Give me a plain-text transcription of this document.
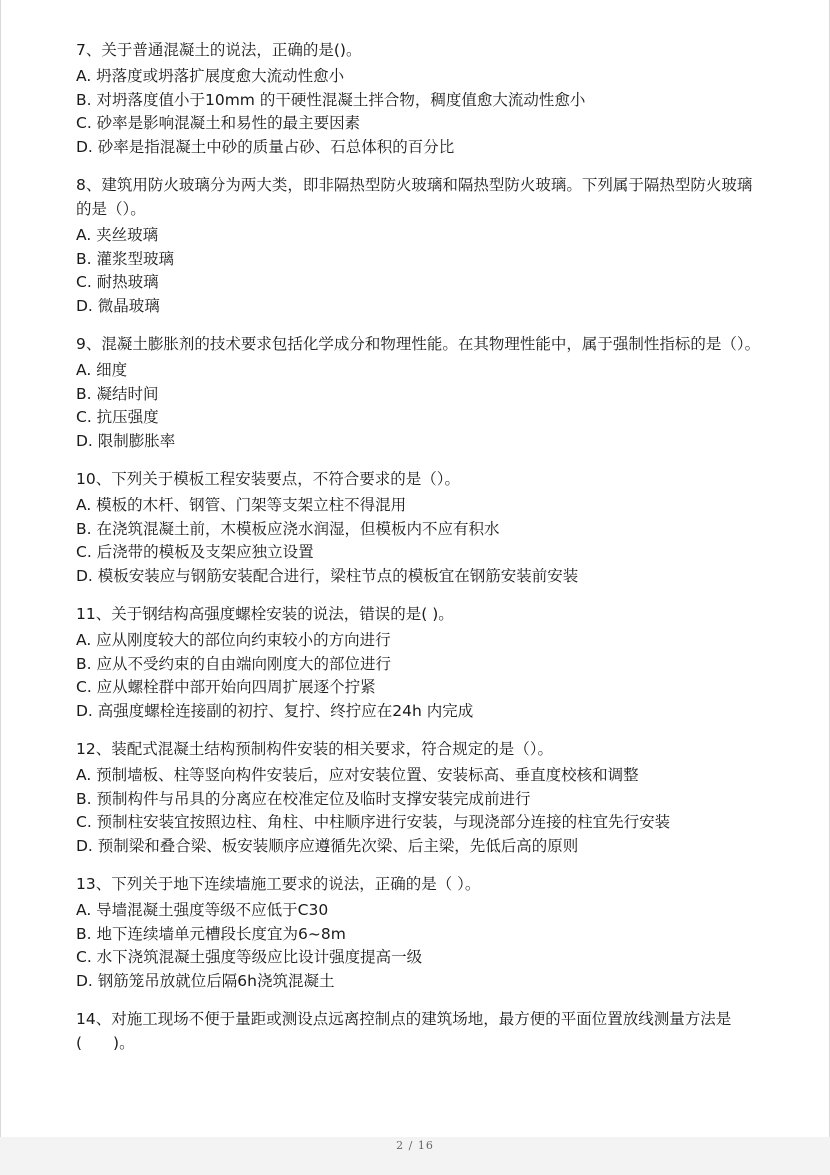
7、关于普通混凝土的说法，正确的是()。
A. 坍落度或坍落扩展度愈大流动性愈小
B. 对坍落度值小于10mm 的干硬性混凝土拌合物，稠度值愈大流动性愈小
C. 砂率是影响混凝土和易性的最主要因素
D. 砂率是指混凝土中砂的质量占砂、石总体积的百分比
8、建筑用防火玻璃分为两大类，即非隔热型防火玻璃和隔热型防火玻璃。下列属于隔热型防火玻璃的是（）。
A. 夹丝玻璃
B. 灌浆型玻璃
C. 耐热玻璃
D. 微晶玻璃
9、混凝土膨胀剂的技术要求包括化学成分和物理性能。在其物理性能中，属于强制性指标的是（）。
A. 细度
B. 凝结时间
C. 抗压强度
D. 限制膨胀率
10、下列关于模板工程安装要点，不符合要求的是（）。
A. 模板的木杆、钢管、门架等支架立柱不得混用
B. 在浇筑混凝土前，木模板应浇水润湿，但模板内不应有积水
C. 后浇带的模板及支架应独立设置
D. 模板安装应与钢筋安装配合进行，梁柱节点的模板宜在钢筋安装前安装
11、关于钢结构高强度螺栓安装的说法，错误的是( )。
A. 应从刚度较大的部位向约束较小的方向进行
B. 应从不受约束的自由端向刚度大的部位进行
C. 应从螺栓群中部开始向四周扩展逐个拧紧
D. 高强度螺栓连接副的初拧、复拧、终拧应在24h 内完成
12、装配式混凝土结构预制构件安装的相关要求，符合规定的是（）。
A. 预制墙板、柱等竖向构件安装后，应对安装位置、安装标高、垂直度校核和调整
B. 预制构件与吊具的分离应在校准定位及临时支撑安装完成前进行
C. 预制柱安装宜按照边柱、角柱、中柱顺序进行安装，与现浇部分连接的柱宜先行安装
D. 预制梁和叠合梁、板安装顺序应遵循先次梁、后主梁，先低后高的原则
13、下列关于地下连续墙施工要求的说法，正确的是（ ）。
A. 导墙混凝土强度等级不应低于C30
B. 地下连续墙单元槽段长度宜为6~8m
C. 水下浇筑混凝土强度等级应比设计强度提高一级
D. 钢筋笼吊放就位后隔6h浇筑混凝土
14、对施工现场不便于量距或测设点远离控制点的建筑场地，最方便的平面位置放线测量方法是(　　)。
2 / 16
